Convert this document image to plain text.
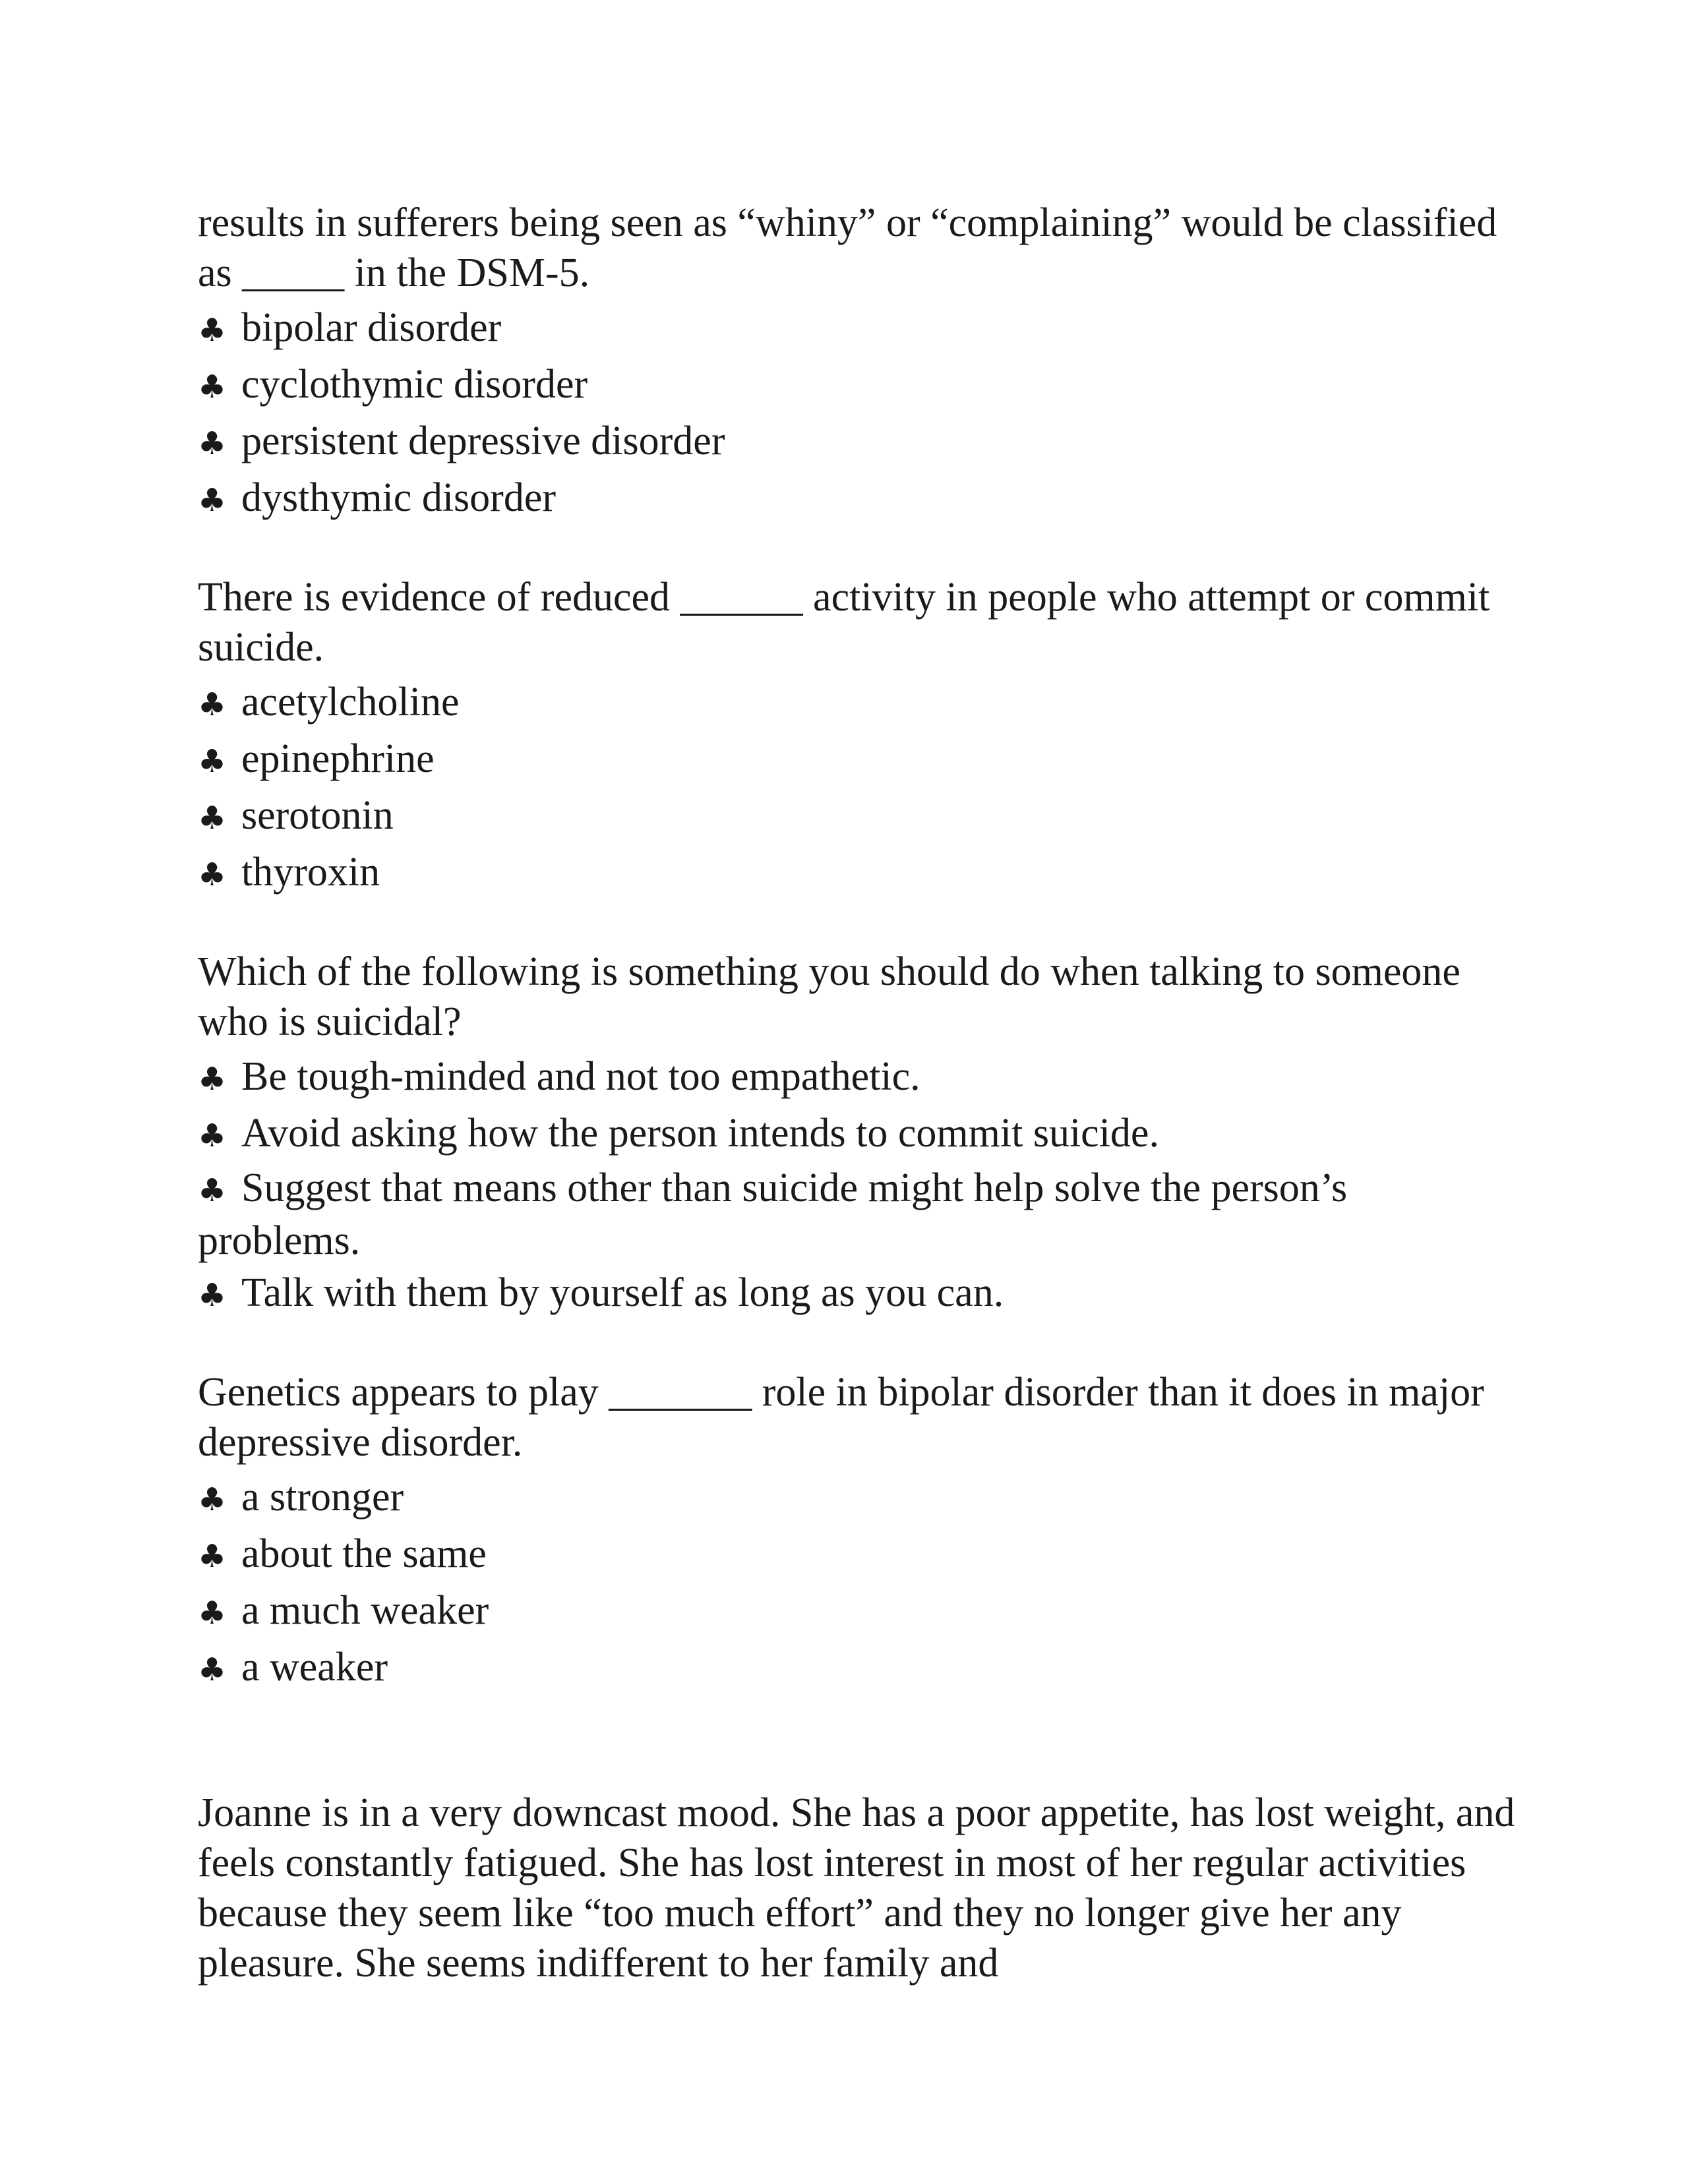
results in sufferers being seen as “whiny” or “complaining” would be classified as _____ in the DSM-5.

♣ bipolar disorder
♣ cyclothymic disorder
♣ persistent depressive disorder
♣ dysthymic disorder

There is evidence of reduced ______ activity in people who attempt or commit suicide.

♣ acetylcholine
♣ epinephrine
♣ serotonin
♣ thyroxin

Which of the following is something you should do when talking to someone who is suicidal?

♣ Be tough-minded and not too empathetic.
♣ Avoid asking how the person intends to commit suicide.
♣ Suggest that means other than suicide might help solve the person’s problems.
♣ Talk with them by yourself as long as you can.

Genetics appears to play _______ role in bipolar disorder than it does in major depressive disorder.

♣ a stronger
♣ about the same
♣ a much weaker
♣ a weaker

Joanne is in a very downcast mood. She has a poor appetite, has lost weight, and feels constantly fatigued. She has lost interest in most of her regular activities because they seem like “too much effort” and they no longer give her any pleasure. She seems indifferent to her family and
